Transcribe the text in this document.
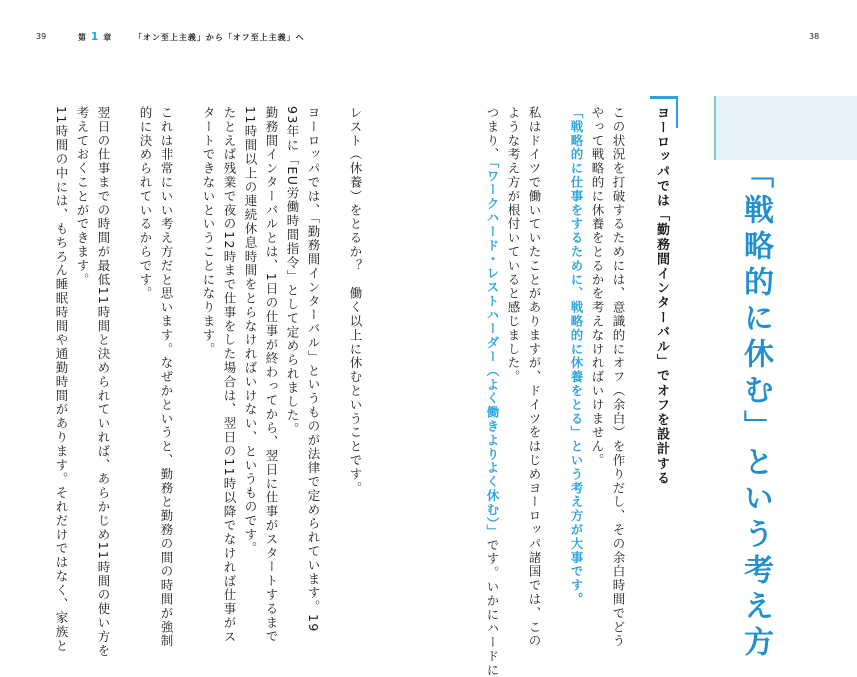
39	第 1 章	「オン至上主義」から「オフ至上主義」へ	38
「戦略的に休む」という考え方
ヨーロッパでは「勤務間インターバル」でオフを設計する
この状況を打破するためには、意識的にオフ（余白）を作りだし、その余白時間でどう
やって戦略的に休養をとるかを考えなければいけません。
「戦略的に仕事をするために、戦略的に休養をとる」という考え方が大事です。
私はドイツで働いていたことがありますが、ドイツをはじめヨーロッパ諸国では、この
ような考え方が根付いていると感じました。
つまり、「ワークハード・レストハーダー（よく働きよりよく休む）」です。いかにハードに
レスト（休養）をとるか？　働く以上に休むということです。
ヨーロッパでは、「勤務間インターバル」というものが法律で定められています。19
93年に「EU労働時間指令」として定められました。
勤務間インターバルとは、1日の仕事が終わってから、翌日に仕事がスタートするまで
11時間以上の連続休息時間をとらなければいけない、というものです。
たとえば残業で夜の12時まで仕事をした場合は、翌日の11時以降でなければ仕事がス
タートできないということになります。
これは非常にいい考え方だと思います。なぜかというと、勤務と勤務の間の時間が強制
的に決められているからです。
翌日の仕事までの時間が最低11時間と決められていれば、あらかじめ11時間の使い方を
考えておくことができます。
11時間の中には、もちろん睡眠時間や通勤時間があります。それだけではなく、家族と
